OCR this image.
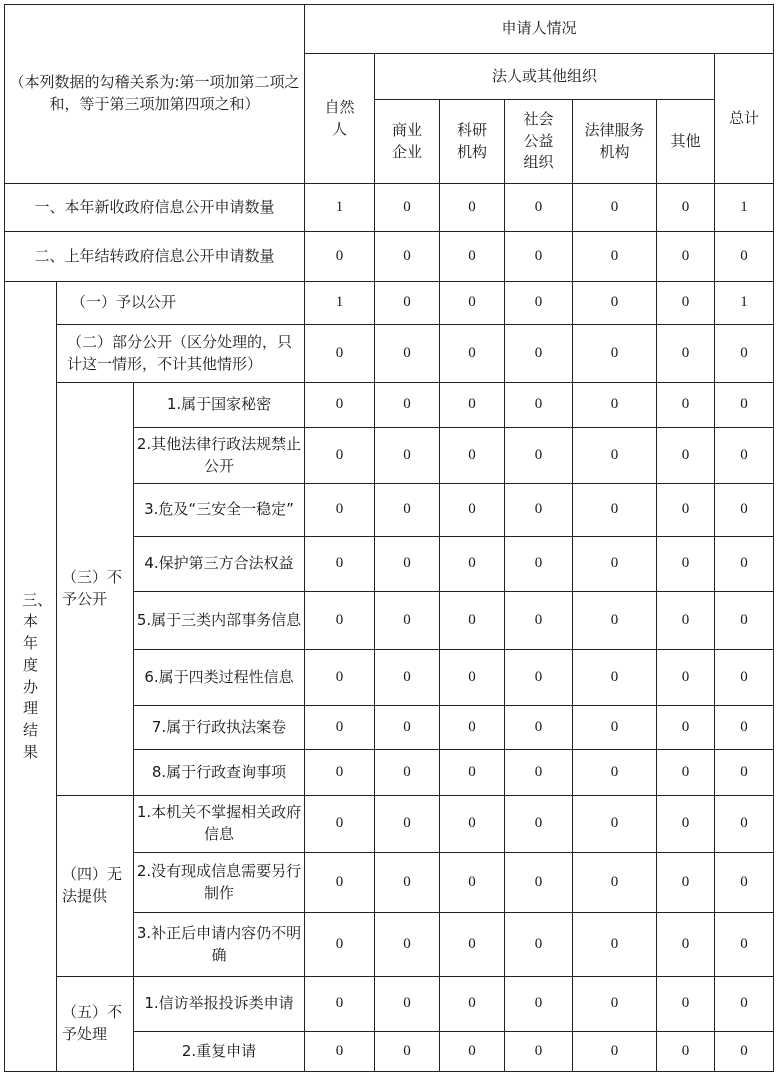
（本列数据的勾稽关系为:第一项加第二项之和，等于第三项加第四项之和）			申请人情况						

			自然人	法人或其他组织					总计

				商业企业	科研机构	社会公益组织	法律服务机构	其他	
一、本年新收政府信息公开申请数量			1	0	0	0	0	0	1
二、上年结转政府信息公开申请数量			0	0	0	0	0	0	0

三、本年度办理结果	（一）予以公开		1	0	0	0	0	0	1
	（二）部分公开（区分处理的，只计这一情形，不计其他情形）		0	0	0	0	0	0	0

	（三）不予公开	1.属于国家秘密	0	0	0	0	0	0	0
		2.其他法律行政法规禁止公开	0	0	0	0	0	0	0
		3.危及“三安全一稳定”	0	0	0	0	0	0	0
		4.保护第三方合法权益	0	0	0	0	0	0	0
		5.属于三类内部事务信息	0	0	0	0	0	0	0
		6.属于四类过程性信息	0	0	0	0	0	0	0
		7.属于行政执法案卷	0	0	0	0	0	0	0
		8.属于行政查询事项	0	0	0	0	0	0	0

	（四）无法提供	1.本机关不掌握相关政府信息	0	0	0	0	0	0	0
		2.没有现成信息需要另行制作	0	0	0	0	0	0	0
		3.补正后申请内容仍不明确	0	0	0	0	0	0	0

	（五）不予处理	1.信访举报投诉类申请	0	0	0	0	0	0	0
		2.重复申请	0	0	0	0	0	0	0
